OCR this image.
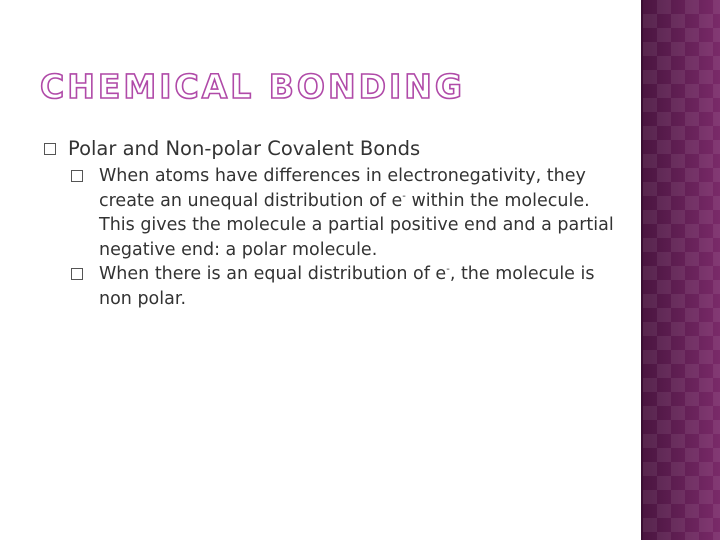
CHEMICAL BONDING

Polar and Non-polar Covalent Bonds

When atoms have differences in electronegativity, they create an unequal distribution of e- within the molecule. This gives the molecule a partial positive end and a partial negative end: a polar molecule.

When there is an equal distribution of e-, the molecule is non polar.
